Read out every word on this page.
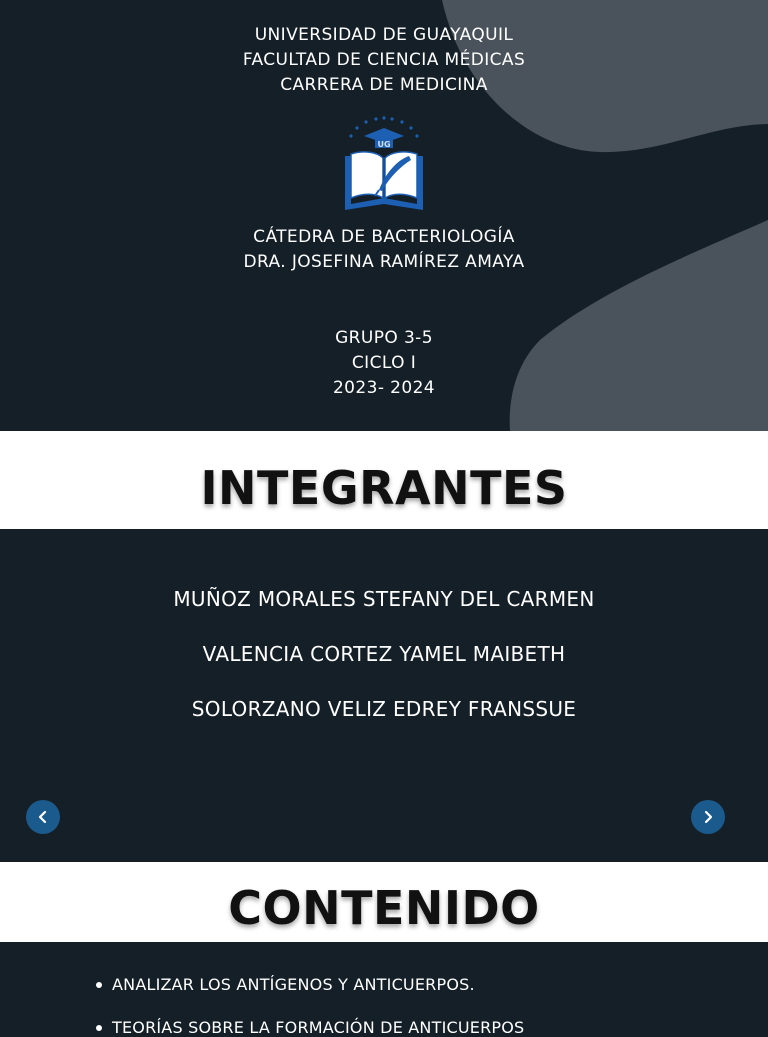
UNIVERSIDAD DE GUAYAQUIL
FACULTAD DE CIENCIA MÉDICAS
CARRERA DE MEDICINA
UG
CÁTEDRA DE BACTERIOLOGÍA
DRA. JOSEFINA RAMÍREZ AMAYA
GRUPO 3-5
CICLO I
2023- 2024
INTEGRANTES
MUÑOZ MORALES STEFANY DEL CARMEN
VALENCIA CORTEZ YAMEL MAIBETH
SOLORZANO VELIZ EDREY FRANSSUE
CONTENIDO
ANALIZAR LOS ANTÍGENOS Y ANTICUERPOS.
TEORÍAS SOBRE LA FORMACIÓN DE ANTICUERPOS
